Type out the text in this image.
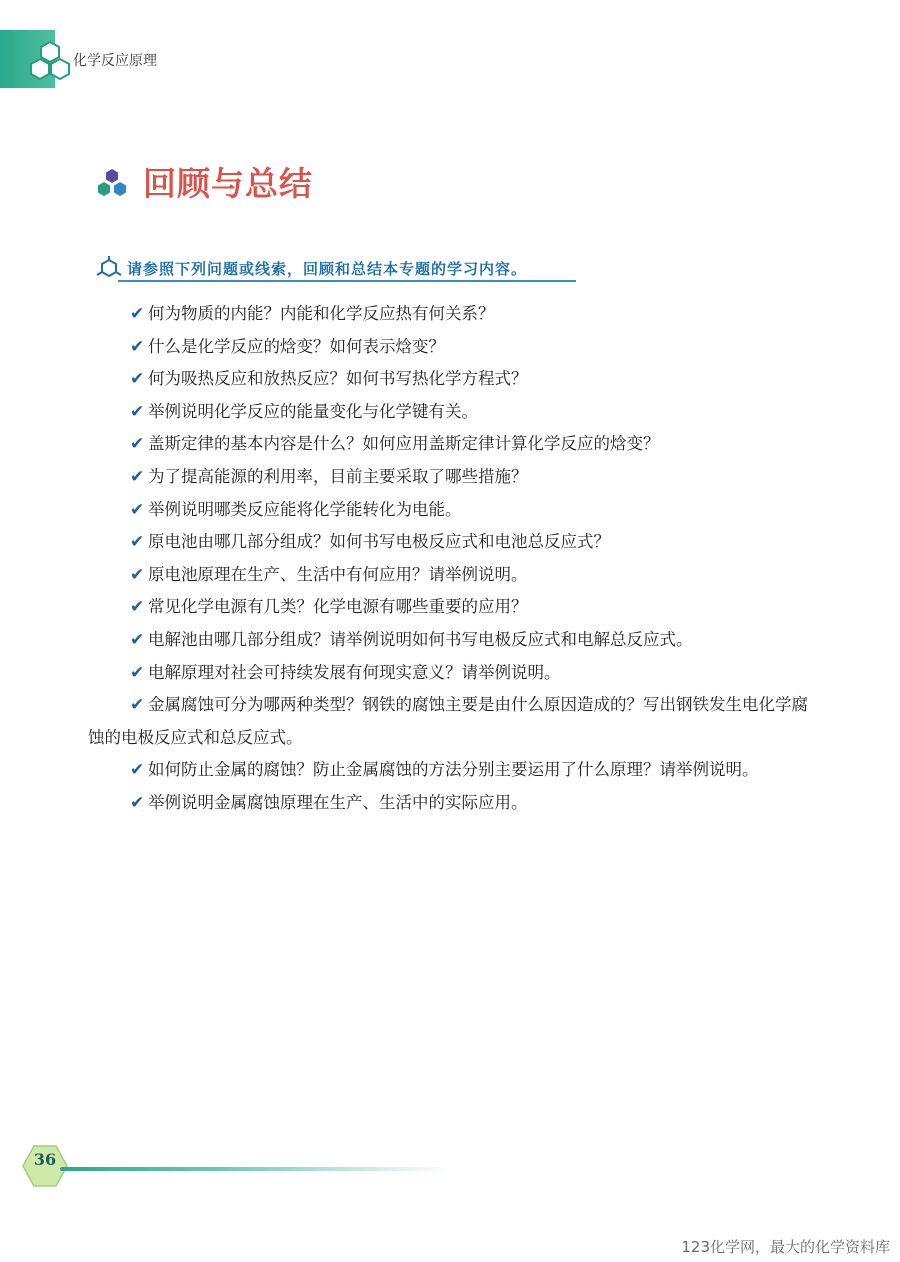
化学反应原理
回顾与总结
请参照下列问题或线索，回顾和总结本专题的学习内容。
✔ 何为物质的内能？内能和化学反应热有何关系？
✔ 什么是化学反应的焓变？如何表示焓变？
✔ 何为吸热反应和放热反应？如何书写热化学方程式？
✔ 举例说明化学反应的能量变化与化学键有关。
✔ 盖斯定律的基本内容是什么？如何应用盖斯定律计算化学反应的焓变？
✔ 为了提高能源的利用率，目前主要采取了哪些措施？
✔ 举例说明哪类反应能将化学能转化为电能。
✔ 原电池由哪几部分组成？如何书写电极反应式和电池总反应式？
✔ 原电池原理在生产、生活中有何应用？请举例说明。
✔ 常见化学电源有几类？化学电源有哪些重要的应用？
✔ 电解池由哪几部分组成？请举例说明如何书写电极反应式和电解总反应式。
✔ 电解原理对社会可持续发展有何现实意义？请举例说明。
✔ 金属腐蚀可分为哪两种类型？钢铁的腐蚀主要是由什么原因造成的？写出钢铁发生电化学腐蚀的电极反应式和总反应式。
✔ 如何防止金属的腐蚀？防止金属腐蚀的方法分别主要运用了什么原理？请举例说明。
✔ 举例说明金属腐蚀原理在生产、生活中的实际应用。
36
123化学网，最大的化学资料库
